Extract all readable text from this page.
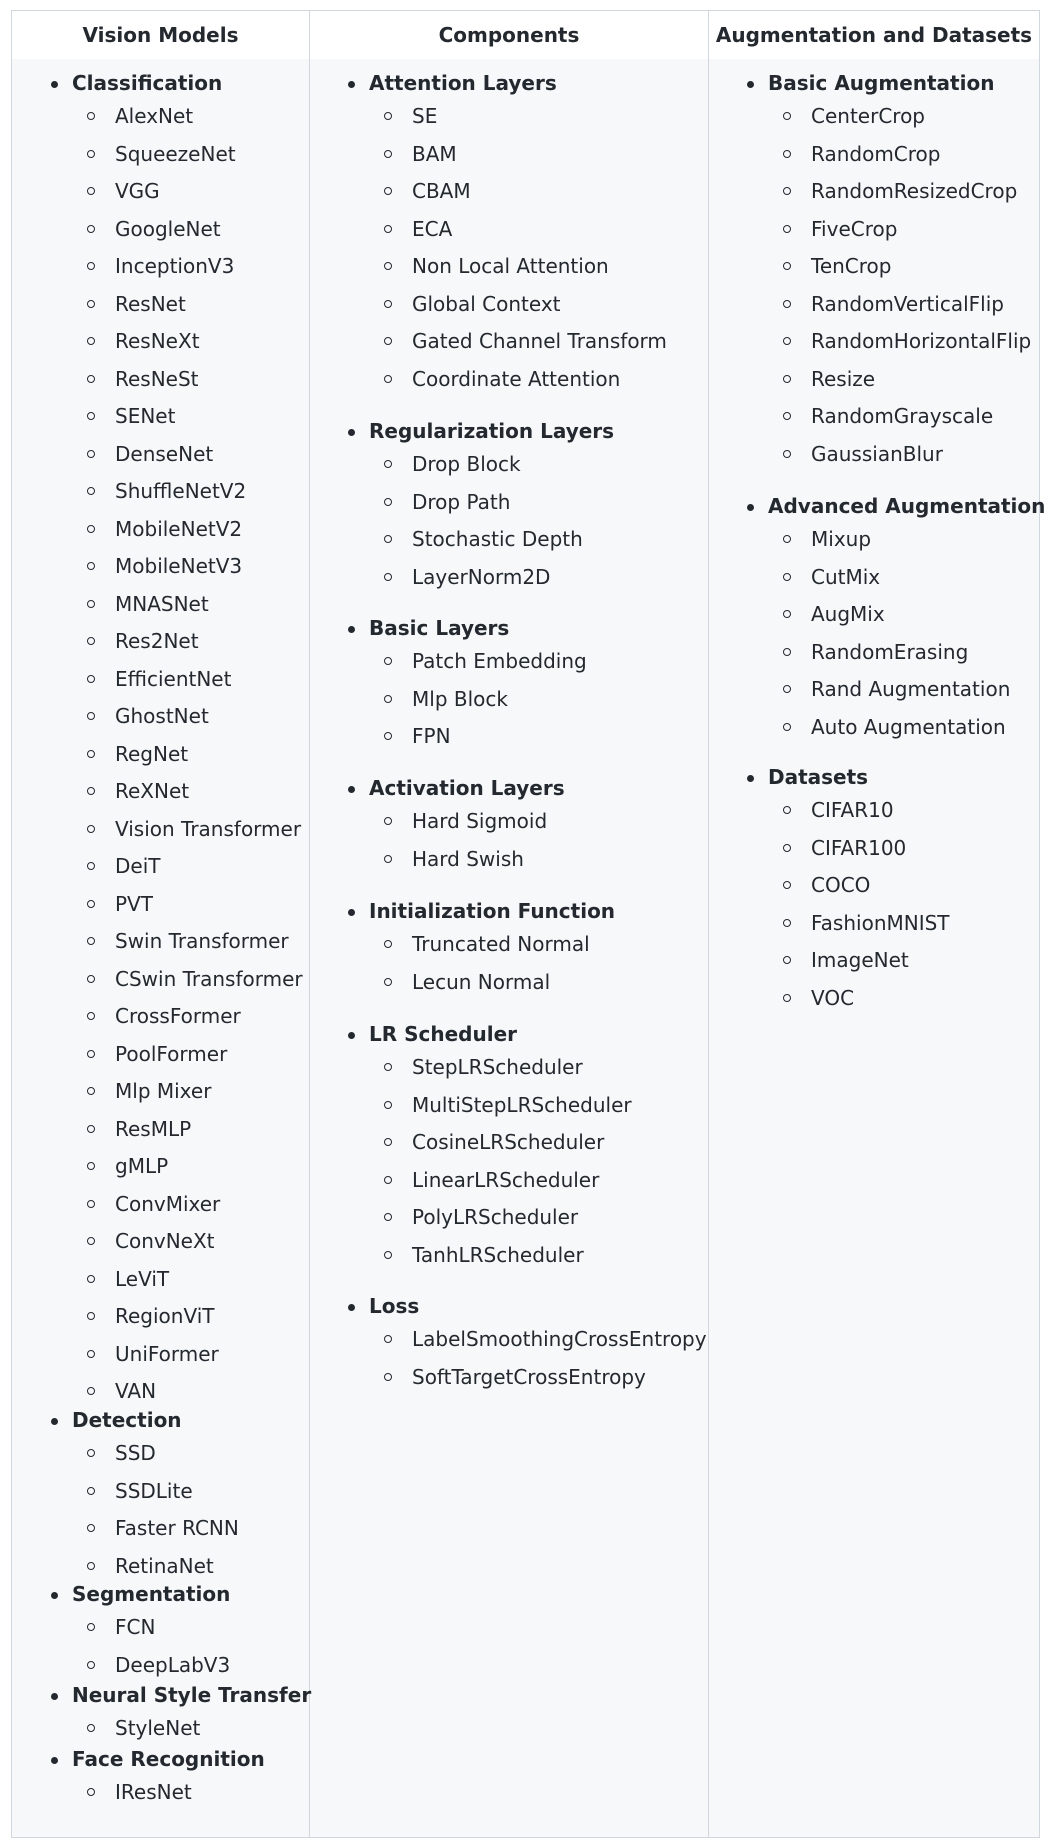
Vision Models	Components	Augmentation and Datasets
Classification
AlexNet
SqueezeNet
VGG
GoogleNet
InceptionV3
ResNet
ResNeXt
ResNeSt
SENet
DenseNet
ShuffleNetV2
MobileNetV2
MobileNetV3
MNASNet
Res2Net
EfficientNet
GhostNet
RegNet
ReXNet
Vision Transformer
DeiT
PVT
Swin Transformer
CSwin Transformer
CrossFormer
PoolFormer
Mlp Mixer
ResMLP
gMLP
ConvMixer
ConvNeXt
LeViT
RegionViT
UniFormer
VAN
Detection
SSD
SSDLite
Faster RCNN
RetinaNet
Segmentation
FCN
DeepLabV3
Neural Style Transfer
StyleNet
Face Recognition
IResNet
Attention Layers
SE
BAM
CBAM
ECA
Non Local Attention
Global Context
Gated Channel Transform
Coordinate Attention
Regularization Layers
Drop Block
Drop Path
Stochastic Depth
LayerNorm2D
Basic Layers
Patch Embedding
Mlp Block
FPN
Activation Layers
Hard Sigmoid
Hard Swish
Initialization Function
Truncated Normal
Lecun Normal
LR Scheduler
StepLRScheduler
MultiStepLRScheduler
CosineLRScheduler
LinearLRScheduler
PolyLRScheduler
TanhLRScheduler
Loss
LabelSmoothingCrossEntropy
SoftTargetCrossEntropy
Basic Augmentation
CenterCrop
RandomCrop
RandomResizedCrop
FiveCrop
TenCrop
RandomVerticalFlip
RandomHorizontalFlip
Resize
RandomGrayscale
GaussianBlur
Advanced Augmentation
Mixup
CutMix
AugMix
RandomErasing
Rand Augmentation
Auto Augmentation
Datasets
CIFAR10
CIFAR100
COCO
FashionMNIST
ImageNet
VOC
